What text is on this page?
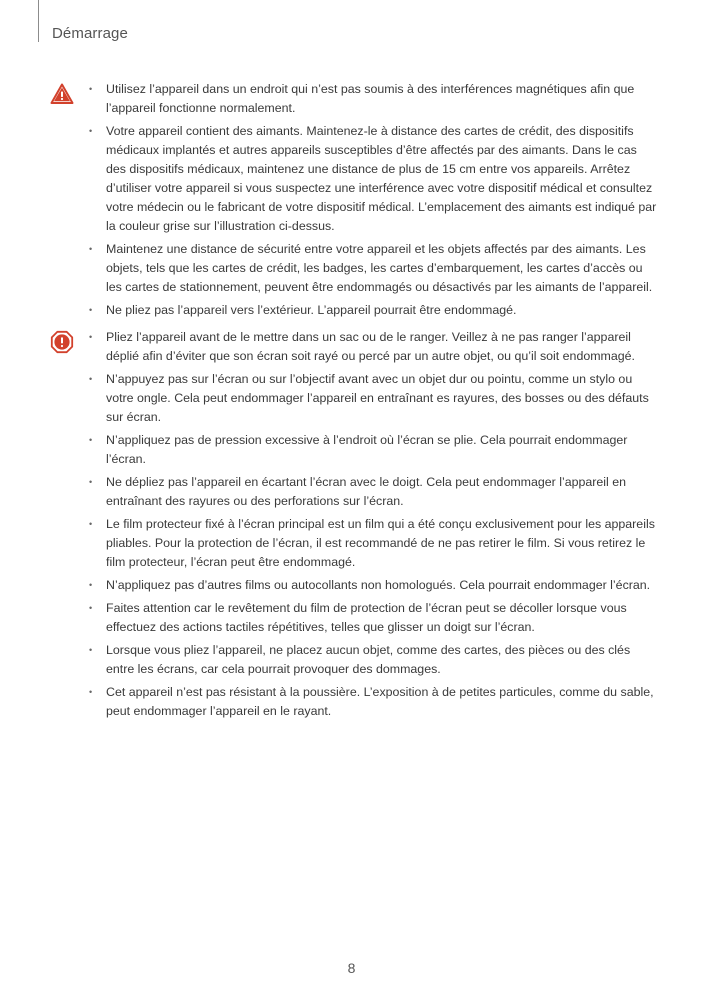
Démarrage
• Utilisez l’appareil dans un endroit qui n’est pas soumis à des interférences magnétiques afin que l’appareil fonctionne normalement.
• Votre appareil contient des aimants. Maintenez-le à distance des cartes de crédit, des dispositifs médicaux implantés et autres appareils susceptibles d’être affectés par des aimants. Dans le cas des dispositifs médicaux, maintenez une distance de plus de 15 cm entre vos appareils. Arrêtez d’utiliser votre appareil si vous suspectez une interférence avec votre dispositif médical et consultez votre médecin ou le fabricant de votre dispositif médical. L’emplacement des aimants est indiqué par la couleur grise sur l’illustration ci-dessus.
• Maintenez une distance de sécurité entre votre appareil et les objets affectés par des aimants. Les objets, tels que les cartes de crédit, les badges, les cartes d’embarquement, les cartes d’accès ou les cartes de stationnement, peuvent être endommagés ou désactivés par les aimants de l’appareil.
• Ne pliez pas l’appareil vers l’extérieur. L’appareil pourrait être endommagé.
• Pliez l’appareil avant de le mettre dans un sac ou de le ranger. Veillez à ne pas ranger l’appareil déplié afin d’éviter que son écran soit rayé ou percé par un autre objet, ou qu’il soit endommagé.
• N’appuyez pas sur l’écran ou sur l’objectif avant avec un objet dur ou pointu, comme un stylo ou votre ongle. Cela peut endommager l’appareil en entraînant es rayures, des bosses ou des défauts sur écran.
• N’appliquez pas de pression excessive à l’endroit où l’écran se plie. Cela pourrait endommager l’écran.
• Ne dépliez pas l’appareil en écartant l’écran avec le doigt. Cela peut endommager l’appareil en entraînant des rayures ou des perforations sur l’écran.
• Le film protecteur fixé à l’écran principal est un film qui a été conçu exclusivement pour les appareils pliables. Pour la protection de l’écran, il est recommandé de ne pas retirer le film. Si vous retirez le film protecteur, l’écran peut être endommagé.
• N’appliquez pas d’autres films ou autocollants non homologués. Cela pourrait endommager l’écran.
• Faites attention car le revêtement du film de protection de l’écran peut se décoller lorsque vous effectuez des actions tactiles répétitives, telles que glisser un doigt sur l’écran.
• Lorsque vous pliez l’appareil, ne placez aucun objet, comme des cartes, des pièces ou des clés entre les écrans, car cela pourrait provoquer des dommages.
• Cet appareil n’est pas résistant à la poussière. L’exposition à de petites particules, comme du sable, peut endommager l’appareil en le rayant.
8
